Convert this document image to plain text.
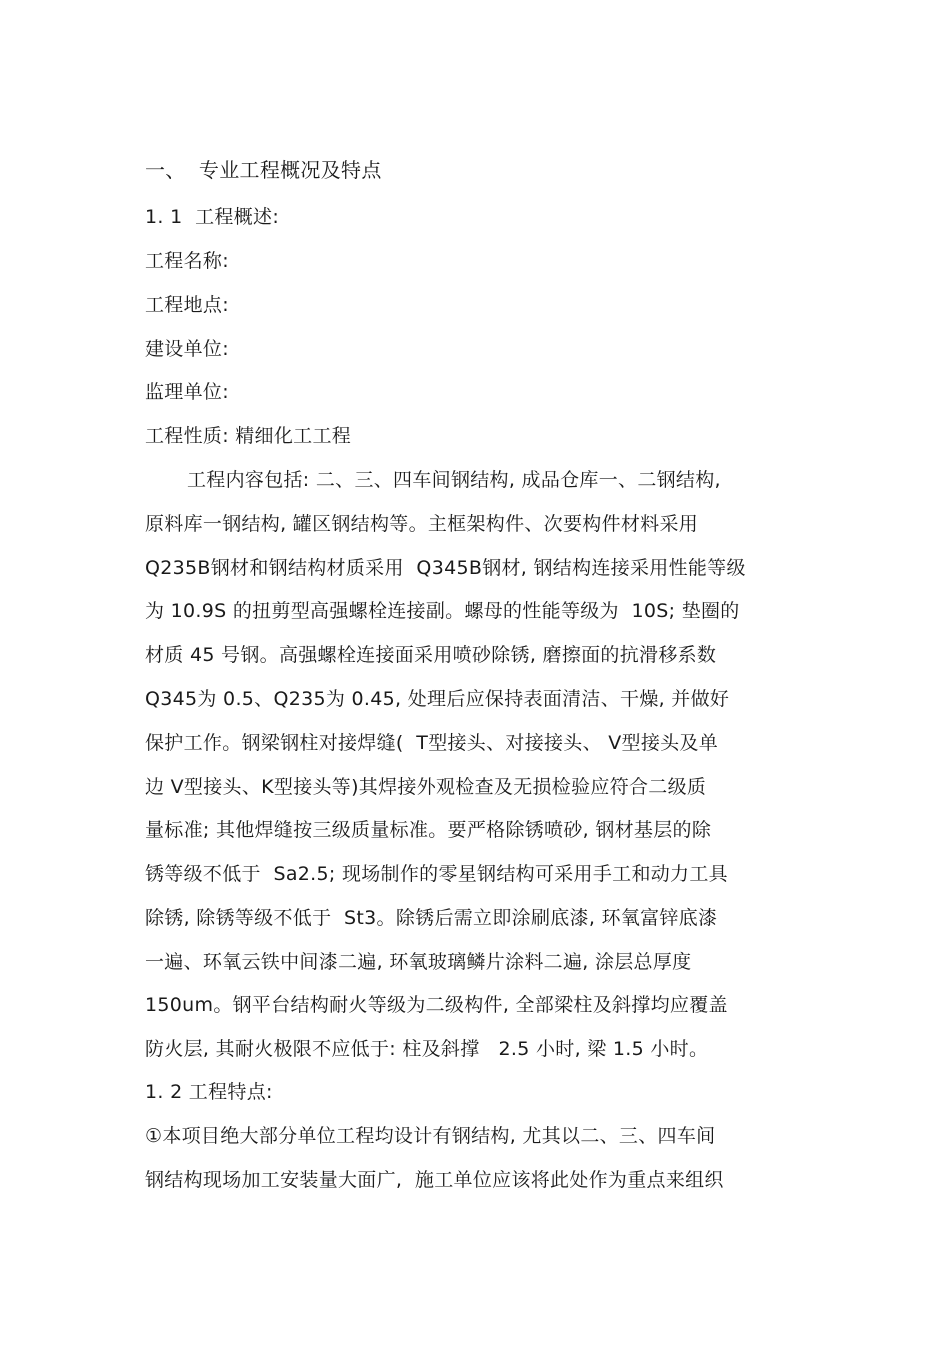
一、  专业工程概况及特点
1. 1  工程概述:
工程名称:
工程地点:
建设单位:
监理单位:
工程性质: 精细化工工程
工程内容包括: 二、三、四车间钢结构, 成品仓库一、二钢结构,
原料库一钢结构, 罐区钢结构等。主框架构件、次要构件材料采用
Q235B钢材和钢结构材质采用  Q345B钢材, 钢结构连接采用性能等级
为 10.9S 的扭剪型高强螺栓连接副。螺母的性能等级为  10S; 垫圈的
材质 45 号钢。高强螺栓连接面采用喷砂除锈, 磨擦面的抗滑移系数
Q345为 0.5、Q235为 0.45, 处理后应保持表面清洁、干燥, 并做好
保护工作。钢梁钢柱对接焊缝(  T型接头、对接接头、 V型接头及单
边 V型接头、K型接头等)其焊接外观检查及无损检验应符合二级质
量标准; 其他焊缝按三级质量标准。要严格除锈喷砂, 钢材基层的除
锈等级不低于  Sa2.5; 现场制作的零星钢结构可采用手工和动力工具
除锈, 除锈等级不低于  St3。除锈后需立即涂刷底漆, 环氧富锌底漆
一遍、环氧云铁中间漆二遍, 环氧玻璃鳞片涂料二遍, 涂层总厚度
150um。钢平台结构耐火等级为二级构件, 全部梁柱及斜撑均应覆盖
防火层, 其耐火极限不应低于: 柱及斜撑   2.5 小时, 梁 1.5 小时。
1. 2 工程特点:
①本项目绝大部分单位工程均设计有钢结构, 尤其以二、三、四车间
钢结构现场加工安装量大面广,  施工单位应该将此处作为重点来组织
